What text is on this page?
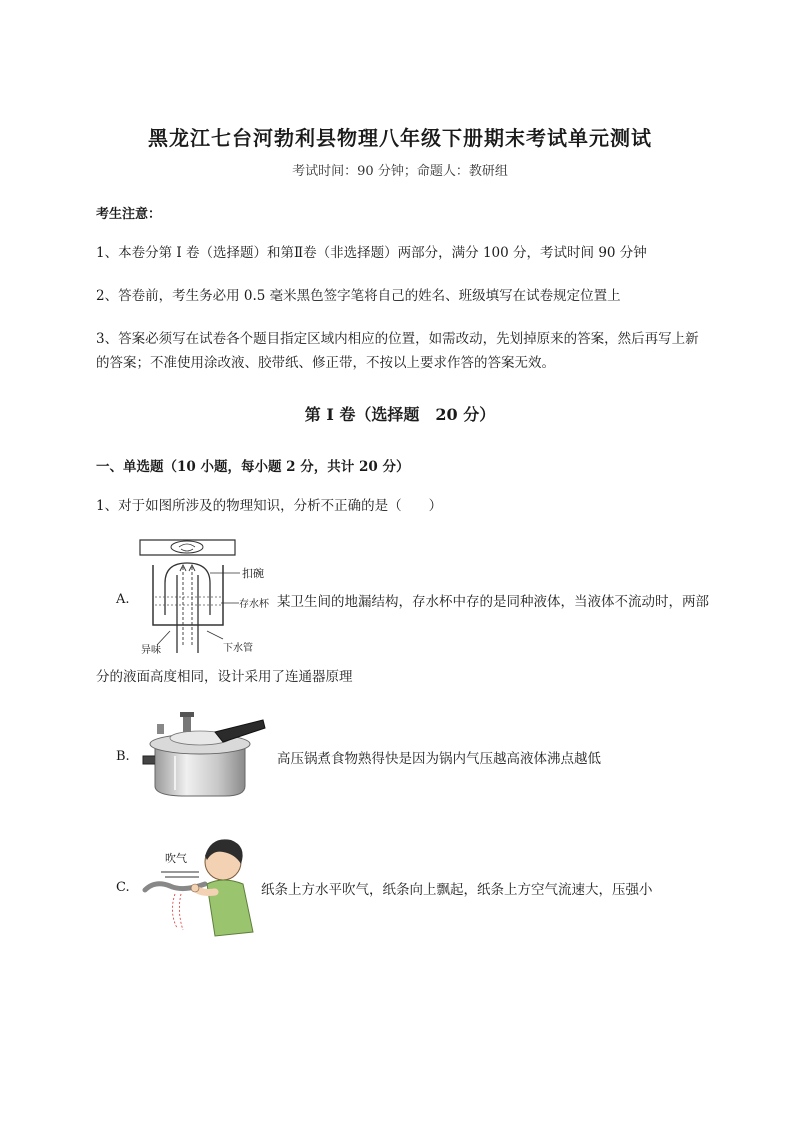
黑龙江七台河勃利县物理八年级下册期末考试单元测试
考试时间：90 分钟；命题人：教研组
考生注意：
1、本卷分第 I 卷（选择题）和第Ⅱ卷（非选择题）两部分，满分 100 分，考试时间 90 分钟
2、答卷前，考生务必用 0.5 毫米黑色签字笔将自己的姓名、班级填写在试卷规定位置上
3、答案必须写在试卷各个题目指定区域内相应的位置，如需改动，先划掉原来的答案，然后再写上新的答案；不准使用涂改液、胶带纸、修正带，不按以上要求作答的答案无效。
第 I 卷（选择题　20 分）
一、单选题（10 小题，每小题 2 分，共计 20 分）
1、对于如图所涉及的物理知识，分析不正确的是（　　）
扣碗
存水杯
异味	下水管
A.	某卫生间的地漏结构，存水杯中存的是同种液体，当液体不流动时，两部
分的液面高度相同，设计采用了连通器原理
B.	高压锅煮食物熟得快是因为锅内气压越高液体沸点越低
吹气
C.	纸条上方水平吹气，纸条向上飘起，纸条上方空气流速大，压强小
